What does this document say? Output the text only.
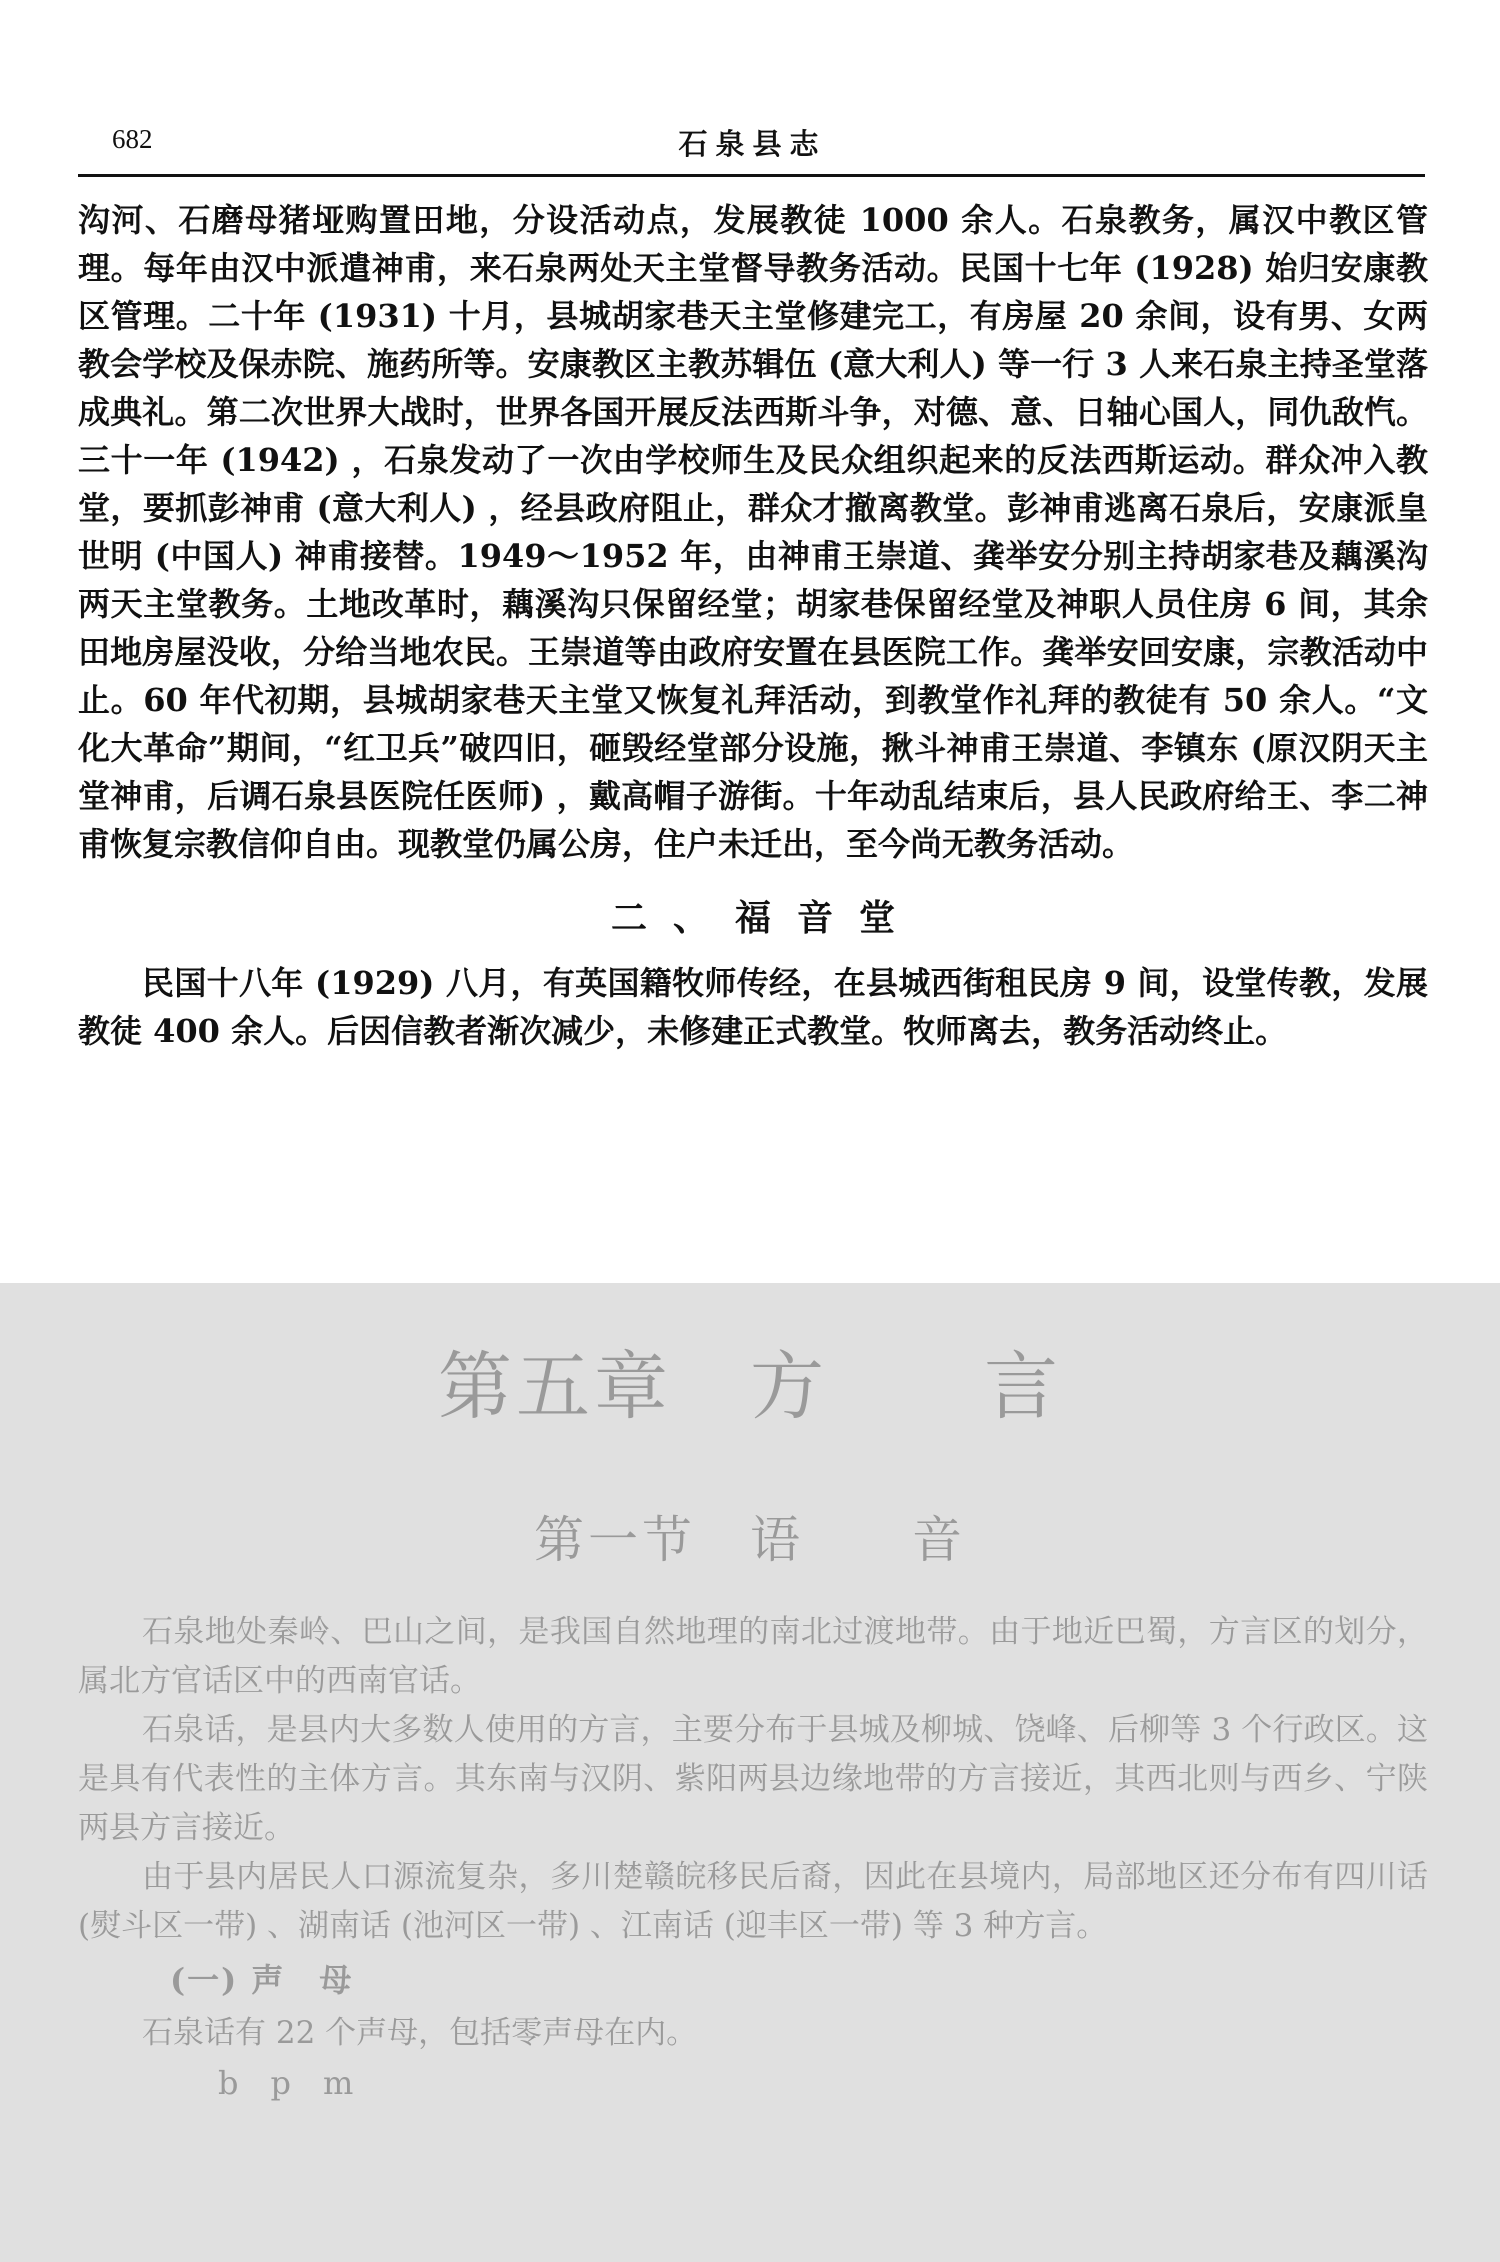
682	石泉县志

沟河、石磨母猪垭购置田地，分设活动点，发展教徒 1000 余人。石泉教务，属汉中教区管理。每年由汉中派遣神甫，来石泉两处天主堂督导教务活动。民国十七年 (1928) 始归安康教区管理。二十年 (1931) 十月，县城胡家巷天主堂修建完工，有房屋 20 余间，设有男、女两教会学校及保赤院、施药所等。安康教区主教苏辑伍 (意大利人) 等一行 3 人来石泉主持圣堂落成典礼。第二次世界大战时，世界各国开展反法西斯斗争，对德、意、日轴心国人，同仇敌忾。三十一年 (1942) ，石泉发动了一次由学校师生及民众组织起来的反法西斯运动。群众冲入教堂，要抓彭神甫 (意大利人) ，经县政府阻止，群众才撤离教堂。彭神甫逃离石泉后，安康派皇世明 (中国人) 神甫接替。1949～1952 年，由神甫王崇道、龚举安分别主持胡家巷及藕溪沟两天主堂教务。土地改革时，藕溪沟只保留经堂；胡家巷保留经堂及神职人员住房 6 间，其余田地房屋没收，分给当地农民。王崇道等由政府安置在县医院工作。龚举安回安康，宗教活动中止。60 年代初期，县城胡家巷天主堂又恢复礼拜活动，到教堂作礼拜的教徒有 50 余人。“文化大革命”期间，“红卫兵”破四旧，砸毁经堂部分设施，揪斗神甫王崇道、李镇东 (原汉阴天主堂神甫，后调石泉县医院任医师) ，戴高帽子游街。十年动乱结束后，县人民政府给王、李二神甫恢复宗教信仰自由。现教堂仍属公房，住户未迁出，至今尚无教务活动。

二、福音堂

民国十八年 (1929) 八月，有英国籍牧师传经，在县城西街租民房 9 间，设堂传教，发展教徒 400 余人。后因信教者渐次减少，未修建正式教堂。牧师离去，教务活动终止。

第五章　方　　言
第一节　语　　音

石泉地处秦岭、巴山之间，是我国自然地理的南北过渡地带。由于地近巴蜀，方言区的划分，属北方官话区中的西南官话。

石泉话，是县内大多数人使用的方言，主要分布于县城及柳城、饶峰、后柳等 3 个行政区。这是具有代表性的主体方言。其东南与汉阴、紫阳两县边缘地带的方言接近，其西北则与西乡、宁陕两县方言接近。

由于县内居民人口源流复杂，多川楚赣皖移民后裔，因此在县境内，局部地区还分布有四川话 (熨斗区一带) 、湖南话 (池河区一带) 、江南话 (迎丰区一带) 等 3 种方言。

(一) 声　母

石泉话有 22 个声母，包括零声母在内。

b　p　m
